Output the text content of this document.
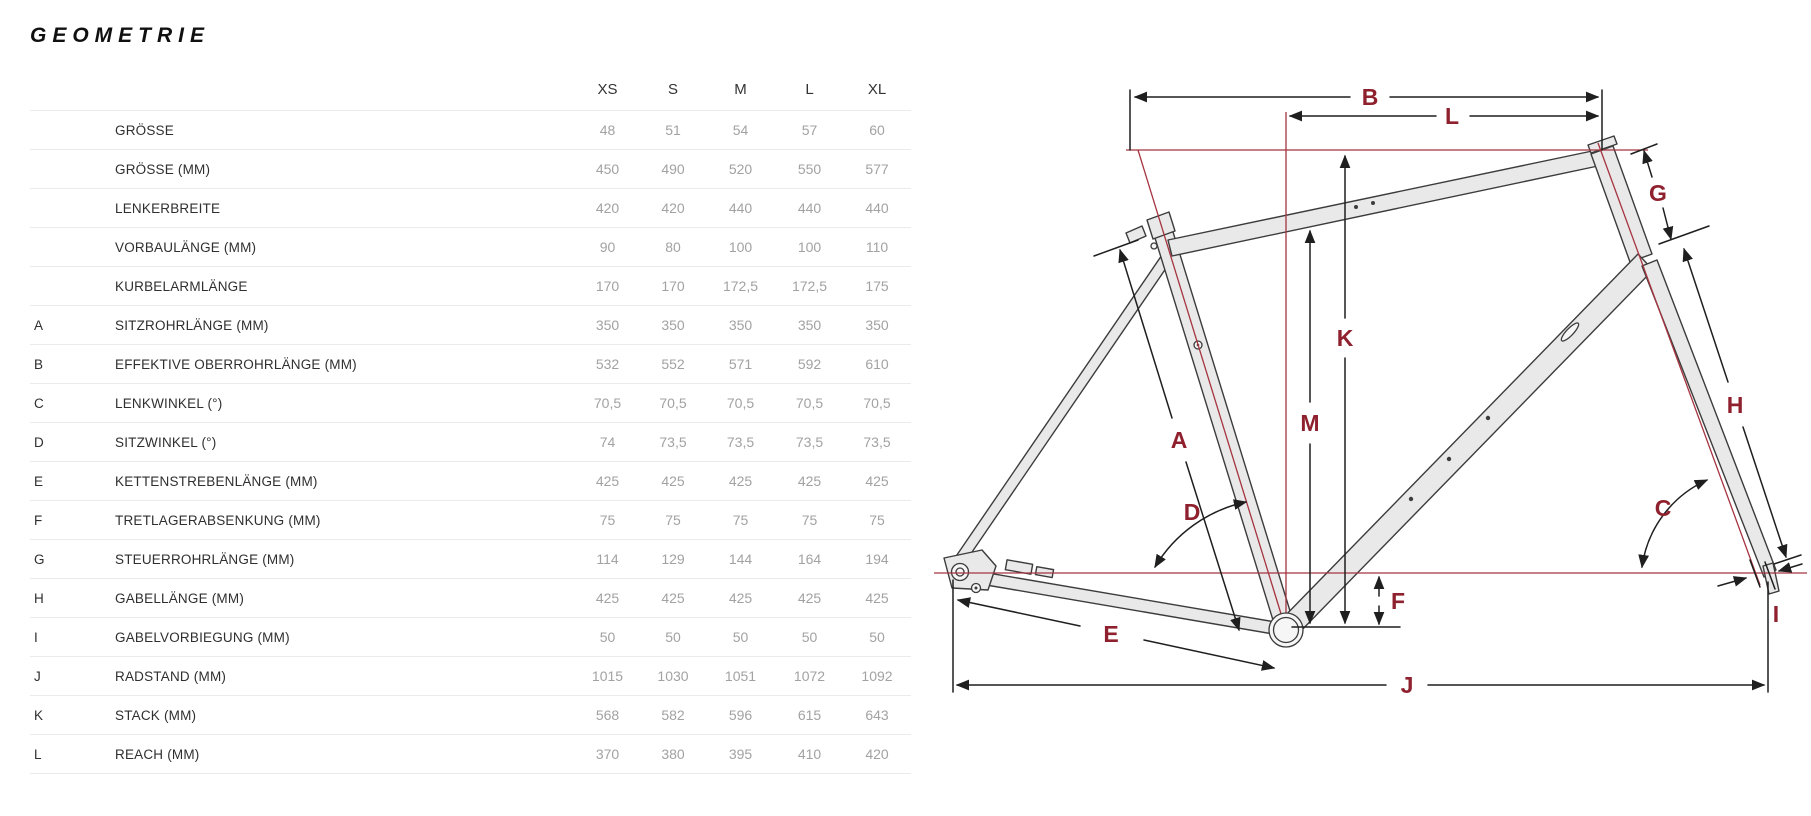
GEOMETRIE
XS	S	M	L	XL
GRÖSSE	48	51	54	57	60
GRÖSSE (MM)	450	490	520	550	577
LENKERBREITE	420	420	440	440	440
VORBAULÄNGE (MM)	90	80	100	100	110
KURBELARMLÄNGE	170	170	172,5	172,5	175
A	SITZROHRLÄNGE (MM)	350	350	350	350	350
B	EFFEKTIVE OBERROHRLÄNGE (MM)	532	552	571	592	610
C	LENKWINKEL (°)	70,5	70,5	70,5	70,5	70,5
D	SITZWINKEL (°)	74	73,5	73,5	73,5	73,5
E	KETTENSTREBENLÄNGE (MM)	425	425	425	425	425
F	TRETLAGERABSENKUNG (MM)	75	75	75	75	75
G	STEUERROHRLÄNGE (MM)	114	129	144	164	194
H	GABELLÄNGE (MM)	425	425	425	425	425
I	GABELVORBIEGUNG (MM)	50	50	50	50	50
J	RADSTAND (MM)	1015	1030	1051	1072	1092
K	STACK (MM)	568	582	596	615	643
L	REACH (MM)	370	380	395	410	420
A
B
C
D
E
F
G
H
I
J
K
L
M
